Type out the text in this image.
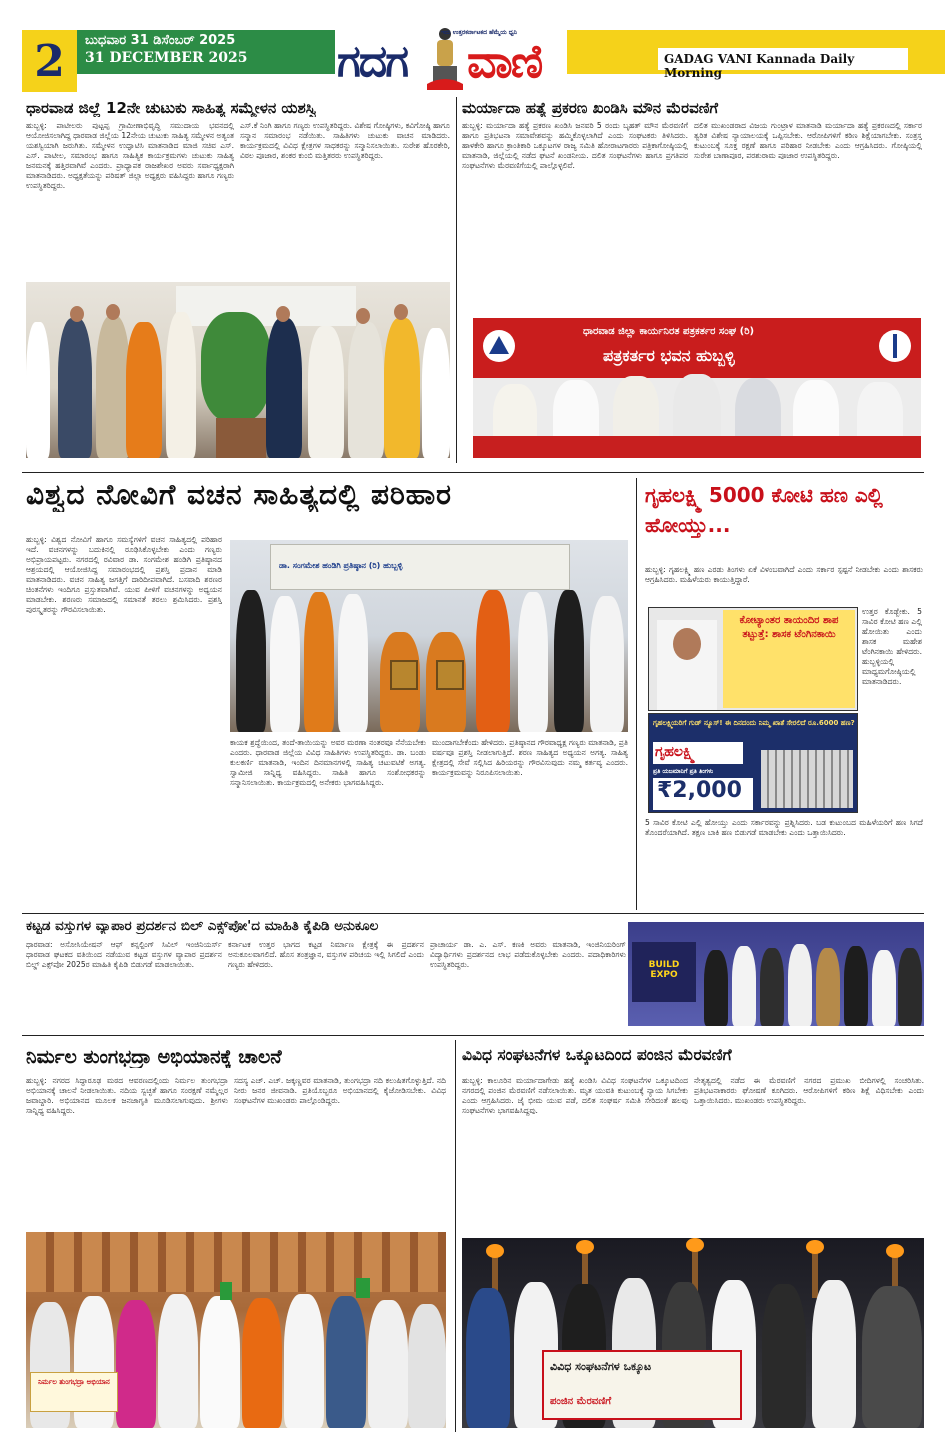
2	ಬುಧವಾರ 31 ಡಿಸೆಂಬರ್ 2025
31 DECEMBER 2025	ಗದಗ
ಇದು ಉತ್ತರಕರ್ನಾಟಕದ ಹೆಮ್ಮೆಯ ಧ್ವನಿ
ವಾಣಿ	GADAG VANI Kannada Daily Morning
ಧಾರವಾಡ ಜಿಲ್ಲೆ 12ನೇ ಚುಟುಕು ಸಾಹಿತ್ಯ ಸಮ್ಮೇಳನ ಯಶಸ್ವಿ
ಹುಬ್ಬಳ್ಳಿ: ಪಾಟೀಲರು ಪುಟ್ಟಪ್ಪ ಗ್ರಾಮೀಣಾಭಿವೃದ್ಧಿ ಸಮುದಾಯ ಭವನದಲ್ಲಿ ಆಯೋಜಿಸಲಾಗಿದ್ದ ಧಾರವಾಡ ಜಿಲ್ಲೆಯ 12ನೇಯ ಚುಟುಕು ಸಾಹಿತ್ಯ ಸಮ್ಮೇಳನ ಅತ್ಯಂತ ಯಶಸ್ವಿಯಾಗಿ ಜರುಗಿತು. ಸಮ್ಮೇಳನ ಉದ್ಘಾಟಿಸಿ ಮಾತನಾಡಿದ ಮಾಜಿ ಸಚಿವ ಎಸ್. ಎಸ್. ಪಾಟೀಲ, ಸಮಾರಂಭ ಹಾಗೂ ಸಾಹಿತ್ಯಿಕ ಕಾರ್ಯಕ್ರಮಗಳು ಚುಟುಕು ಸಾಹಿತ್ಯ ಜನಮನಕ್ಕೆ ಹತ್ತಿರವಾಗಿವೆ ಎಂದರು. ಪ್ರಾಧ್ಯಾಪಕ ರಾಜಶೇಖರ ಅವರು ಸರ್ವಾಧ್ಯಕ್ಷರಾಗಿ ಮಾತನಾಡಿದರು. ಅಧ್ಯಕ್ಷತೆಯನ್ನು ಪರಿಷತ್ ಜಿಲ್ಲಾ ಅಧ್ಯಕ್ಷರು ವಹಿಸಿದ್ದರು ಹಾಗೂ ಗಣ್ಯರು ಉಪಸ್ಥಿತರಿದ್ದರು.
ಎಸ್.ಕೆ ನಿಂಗಿ ಹಾಗೂ ಗಣ್ಯರು ಉಪಸ್ಥಿತರಿದ್ದರು. ವಿಶೇಷ ಗೋಷ್ಠಿಗಳು, ಕವಿಗೋಷ್ಠಿ ಹಾಗೂ ಸನ್ಮಾನ ಸಮಾರಂಭ ನಡೆಯಿತು. ಸಾಹಿತಿಗಳು ಚುಟುಕು ವಾಚನ ಮಾಡಿದರು. ಕಾರ್ಯಕ್ರಮದಲ್ಲಿ ವಿವಿಧ ಕ್ಷೇತ್ರಗಳ ಸಾಧಕರನ್ನು ಸನ್ಮಾನಿಸಲಾಯಿತು. ಸುರೇಶ ಹೊರಕೇರಿ, ವಿಠಲ ಪೂಜಾರ, ಶಂಕರ ಕುಂಬಿ ಮತ್ತಿತರರು ಉಪಸ್ಥಿತರಿದ್ದರು.
ಮರ್ಯಾದಾ ಹತ್ಯೆ ಪ್ರಕರಣ ಖಂಡಿಸಿ ಮೌನ ಮೆರವಣಿಗೆ
ಹುಬ್ಬಳ್ಳಿ: ಮರ್ಯಾದಾ ಹತ್ಯೆ ಪ್ರಕರಣ ಖಂಡಿಸಿ ಜನವರಿ 5 ರಂದು ಬೃಹತ್ ಮೌನ ಮೆರವಣಿಗೆ ಹಾಗೂ ಪ್ರತಿಭಟನಾ ಸಮಾವೇಶವನ್ನು ಹಮ್ಮಿಕೊಳ್ಳಲಾಗಿದೆ ಎಂದು ಸಂಘಟಕರು ತಿಳಿಸಿದರು. ಹಾಳಕೇರಿ ಹಾಗೂ ಕ್ರಾಂತಿಕಾರಿ ಒಕ್ಕೂಟಗಳ ರಾಜ್ಯ ಸಮಿತಿ ಹೋರಾಟಗಾರರು ಪತ್ರಿಕಾಗೋಷ್ಠಿಯಲ್ಲಿ ಮಾತನಾಡಿ, ಜಿಲ್ಲೆಯಲ್ಲಿ ನಡೆದ ಘಟನೆ ಖಂಡನೀಯ. ದಲಿತ ಸಂಘಟನೆಗಳು ಹಾಗೂ ಪ್ರಗತಿಪರ ಸಂಘಟನೆಗಳು ಮೆರವಣಿಗೆಯಲ್ಲಿ ಪಾಲ್ಗೊಳ್ಳಲಿವೆ.
ದಲಿತ ಮುಖಂಡರಾದ ವಿಜಯ ಗುಂಟ್ರಾಳ ಮಾತನಾಡಿ ಮರ್ಯಾದಾ ಹತ್ಯೆ ಪ್ರಕರಣದಲ್ಲಿ ಸರ್ಕಾರ ತ್ವರಿತ ವಿಶೇಷ ನ್ಯಾಯಾಲಯಕ್ಕೆ ಒಪ್ಪಿಸಬೇಕು. ಆರೋಪಿಗಳಿಗೆ ಕಠಿಣ ಶಿಕ್ಷೆಯಾಗಬೇಕು. ಸಂತ್ರಸ್ತ ಕುಟುಂಬಕ್ಕೆ ಸೂಕ್ತ ರಕ್ಷಣೆ ಹಾಗೂ ಪರಿಹಾರ ನೀಡಬೇಕು ಎಂದು ಆಗ್ರಹಿಸಿದರು. ಗೋಷ್ಠಿಯಲ್ಲಿ ಸುರೇಶ ಬಾಣಾಪೂರ, ಪರಶುರಾಮ ಪೂಜಾರ ಉಪಸ್ಥಿತರಿದ್ದರು.
ಧಾರವಾಡ ಜಿಲ್ಲಾ ಕಾರ್ಯನಿರತ ಪತ್ರಕರ್ತರ ಸಂಘ (ರಿ)
ಪತ್ರಕರ್ತರ ಭವನ ಹುಬ್ಬಳ್ಳಿ
ವಿಶ್ವದ ನೋವಿಗೆ ವಚನ ಸಾಹಿತ್ಯದಲ್ಲಿ ಪರಿಹಾರ
ಹುಬ್ಬಳ್ಳಿ: ವಿಶ್ವದ ನೋವಿಗೆ ಹಾಗೂ ಸಮಸ್ಯೆಗಳಿಗೆ ವಚನ ಸಾಹಿತ್ಯದಲ್ಲಿ ಪರಿಹಾರ ಇದೆ. ವಚನಗಳನ್ನು ಬದುಕಿನಲ್ಲಿ ರೂಢಿಸಿಕೊಳ್ಳಬೇಕು ಎಂದು ಗಣ್ಯರು ಅಭಿಪ್ರಾಯಪಟ್ಟರು. ನಗರದಲ್ಲಿ ರವಿವಾರ ಡಾ. ಸಂಗಮೇಶ ಹಂಡಿಗಿ ಪ್ರತಿಷ್ಠಾನದ ಆಶ್ರಯದಲ್ಲಿ ಆಯೋಜಿಸಿದ್ದ ಸಮಾರಂಭದಲ್ಲಿ ಪ್ರಶಸ್ತಿ ಪ್ರದಾನ ಮಾಡಿ ಮಾತನಾಡಿದರು. ವಚನ ಸಾಹಿತ್ಯ ಜಗತ್ತಿಗೆ ದಾರಿದೀಪವಾಗಿದೆ. ಬಸವಾದಿ ಶರಣರ ಚಿಂತನೆಗಳು ಇಂದಿಗೂ ಪ್ರಸ್ತುತವಾಗಿವೆ. ಯುವ ಪೀಳಿಗೆ ವಚನಗಳನ್ನು ಅಧ್ಯಯನ ಮಾಡಬೇಕು. ಶರಣರು ಸಮಾಜದಲ್ಲಿ ಸಮಾನತೆ ತರಲು ಶ್ರಮಿಸಿದರು. ಪ್ರಶಸ್ತಿ ಪುರಸ್ಕೃತರನ್ನು ಗೌರವಿಸಲಾಯಿತು.
ಡಾ. ಸಂಗಮೇಶ ಹಂಡಿಗಿ ಪ್ರತಿಷ್ಠಾನ (ರಿ) ಹುಬ್ಬಳ್ಳಿ
ಕಾಯಕ ಶ್ರದ್ಧೆಯಿಂದ, ತಂದೆ-ತಾಯಿಯನ್ನು ಅವರ ಮರಣಾ ನಂತರವೂ ನೆನೆಯಬೇಕು ಎಂದರು. ಧಾರವಾಡ ಜಿಲ್ಲೆಯ ವಿವಿಧ ಸಾಹಿತಿಗಳು ಉಪಸ್ಥಿತರಿದ್ದರು. ಡಾ. ಬಂಡು ಕುಲಕರ್ಣಿ ಮಾತನಾಡಿ, ಇಂದಿನ ದಿನಮಾನಗಳಲ್ಲಿ ಸಾಹಿತ್ಯ ಚಟುವಟಿಕೆ ಅಗತ್ಯ. ಸ್ವಾಮೀಜಿ ಸಾನ್ನಿಧ್ಯ ವಹಿಸಿದ್ದರು. ಸಾಹಿತಿ ಹಾಗೂ ಸಂಶೋಧಕರನ್ನು ಸನ್ಮಾನಿಸಲಾಯಿತು. ಕಾರ್ಯಕ್ರಮದಲ್ಲಿ ಅನೇಕರು ಭಾಗವಹಿಸಿದ್ದರು.
ಮುಂದಾಗಬೇಕೆಂದು ಹೇಳಿದರು. ಪ್ರತಿಷ್ಠಾನದ ಗೌರವಾಧ್ಯಕ್ಷ ಗಣ್ಯರು ಮಾತನಾಡಿ, ಪ್ರತಿ ವರ್ಷವೂ ಪ್ರಶಸ್ತಿ ನೀಡಲಾಗುತ್ತಿದೆ. ಶರಣ ಸಾಹಿತ್ಯದ ಅಧ್ಯಯನ ಅಗತ್ಯ. ಸಾಹಿತ್ಯ ಕ್ಷೇತ್ರದಲ್ಲಿ ಸೇವೆ ಸಲ್ಲಿಸಿದ ಹಿರಿಯರನ್ನು ಗೌರವಿಸುವುದು ನಮ್ಮ ಕರ್ತವ್ಯ ಎಂದರು. ಕಾರ್ಯಕ್ರಮವನ್ನು ನಿರೂಪಿಸಲಾಯಿತು.
ಗೃಹಲಕ್ಷ್ಮಿ 5000 ಕೋಟಿ ಹಣ ಎಲ್ಲಿ ಹೋಯ್ತು...
ಹುಬ್ಬಳ್ಳಿ: ಗೃಹಲಕ್ಷ್ಮಿ ಹಣ ಎರಡು ತಿಂಗಳು ಏಕೆ ವಿಳಂಬವಾಗಿದೆ ಎಂದು ಸರ್ಕಾರ ಸ್ಪಷ್ಟನೆ ನೀಡಬೇಕು ಎಂದು ಶಾಸಕರು ಆಗ್ರಹಿಸಿದರು. ಮಹಿಳೆಯರು ಕಾಯುತ್ತಿದ್ದಾರೆ.
ಕೋಟ್ಯಾಂತರ ತಾಯಂದಿರ ಶಾಪ ತಟ್ಟುತ್ತೆ: ಶಾಸಕ ಟೆಂಗಿನಕಾಯಿ
ಉತ್ತರ ಕೊಡ್ಬೇಕು. 5 ಸಾವಿರ ಕೋಟಿ ಹಣ ಎಲ್ಲಿ ಹೋಯಿತು ಎಂದು ಶಾಸಕ ಮಹೇಶ ಟೆಂಗಿನಕಾಯಿ ಹೇಳಿದರು. ಹುಬ್ಬಳ್ಳಿಯಲ್ಲಿ ಮಾಧ್ಯಮಗೋಷ್ಠಿಯಲ್ಲಿ ಮಾತನಾಡಿದರು.
ಗೃಹಲಕ್ಷ್ಮಿಯರಿಗೆ ಗುಡ್ ನ್ಯೂಸ್! ಈ ದಿನದಂದು ನಿಮ್ಮ ಖಾತೆ ಸೇರಲಿದೆ ರೂ.6000 ಹಣ?
ಗೃಹಲಕ್ಷ್ಮಿ
ಪ್ರತಿ ಯಜಮಾನಿಗೆ ಪ್ರತಿ ತಿಂಗಳು
₹2,000
5 ಸಾವಿರ ಕೋಟಿ ಎಲ್ಲಿ ಹೋಯ್ತು ಎಂದು ಸರ್ಕಾರವನ್ನು ಪ್ರಶ್ನಿಸಿದರು. ಬಡ ಕುಟುಂಬದ ಮಹಿಳೆಯರಿಗೆ ಹಣ ಸಿಗದೆ ತೊಂದರೆಯಾಗಿದೆ. ತಕ್ಷಣ ಬಾಕಿ ಹಣ ಬಿಡುಗಡೆ ಮಾಡಬೇಕು ಎಂದು ಒತ್ತಾಯಿಸಿದರು.
ಕಟ್ಟಡ ವಸ್ತುಗಳ ವ್ಯಾಪಾರ ಪ್ರದರ್ಶನ ಬಿಲ್ ಎಕ್ಸ್‌ಪೋ'ದ ಮಾಹಿತಿ ಕೈಪಿಡಿ ಅನುಕೂಲ
ಧಾರವಾಡ: ಅಸೋಸಿಯೇಷನ್ ಆಫ್ ಕನ್ಸಲ್ಟಿಂಗ್ ಸಿವಿಲ್ ಇಂಜಿನಿಯರ್ಸ್ ಧಾರವಾಡ ಘಟಕದ ವತಿಯಿಂದ ನಡೆಯುವ ಕಟ್ಟಡ ವಸ್ತುಗಳ ವ್ಯಾಪಾರ ಪ್ರದರ್ಶನ ಬಿಲ್ಡ್ ಎಕ್ಸ್‌ಪೋ 2025ರ ಮಾಹಿತಿ ಕೈಪಿಡಿ ಬಿಡುಗಡೆ ಮಾಡಲಾಯಿತು.
ಕರ್ನಾಟಕ ಉತ್ತರ ಭಾಗದ ಕಟ್ಟಡ ನಿರ್ಮಾಣ ಕ್ಷೇತ್ರಕ್ಕೆ ಈ ಪ್ರದರ್ಶನ ಅನುಕೂಲವಾಗಲಿದೆ. ಹೊಸ ತಂತ್ರಜ್ಞಾನ, ವಸ್ತುಗಳ ಪರಿಚಯ ಇಲ್ಲಿ ಸಿಗಲಿದೆ ಎಂದು ಗಣ್ಯರು ಹೇಳಿದರು.
ಪ್ರಾಚಾರ್ಯ ಡಾ. ಎ. ಎಸ್. ಕಣಕಿ ಅವರು ಮಾತನಾಡಿ, ಇಂಜಿನಿಯರಿಂಗ್ ವಿದ್ಯಾರ್ಥಿಗಳು ಪ್ರದರ್ಶನದ ಲಾಭ ಪಡೆದುಕೊಳ್ಳಬೇಕು ಎಂದರು. ಪದಾಧಿಕಾರಿಗಳು ಉಪಸ್ಥಿತರಿದ್ದರು.	BUILD EXPO
ನಿರ್ಮಲ ತುಂಗಭದ್ರಾ ಅಭಿಯಾನಕ್ಕೆ ಚಾಲನೆ
ಹುಬ್ಬಳ್ಳಿ: ನಗರದ ಸಿದ್ಧಾರೂಢ ಮಠದ ಆವರಣದಲ್ಲಿಂದು ನಿರ್ಮಲ ತುಂಗಭದ್ರಾ ಅಭಿಯಾನಕ್ಕೆ ಚಾಲನೆ ನೀಡಲಾಯಿತು. ನದಿಯ ಸ್ವಚ್ಛತೆ ಹಾಗೂ ಸಂರಕ್ಷಣೆ ನಮ್ಮೆಲ್ಲರ ಜವಾಬ್ದಾರಿ. ಅಭಿಯಾನದ ಮೂಲಕ ಜನಜಾಗೃತಿ ಮೂಡಿಸಲಾಗುವುದು. ಶ್ರೀಗಳು ಸಾನ್ನಿಧ್ಯ ವಹಿಸಿದ್ದರು.
ಸದಸ್ಯ ಎಚ್. ಎಚ್. ಜಕ್ಕಣ್ಣವರ ಮಾತನಾಡಿ, ತುಂಗಭದ್ರಾ ನದಿ ಕಲುಷಿತಗೊಳ್ಳುತ್ತಿದೆ. ನದಿ ನೀರು ಜನರ ಜೀವನಾಡಿ. ಪ್ರತಿಯೊಬ್ಬರೂ ಅಭಿಯಾನದಲ್ಲಿ ಕೈಜೋಡಿಸಬೇಕು. ವಿವಿಧ ಸಂಘಟನೆಗಳ ಮುಖಂಡರು ಪಾಲ್ಗೊಂಡಿದ್ದರು.
ನಿರ್ಮಲ ತುಂಗಭದ್ರಾ ಅಭಿಯಾನ
ವಿವಿಧ ಸಂಘಟನೆಗಳ ಒಕ್ಕೂಟದಿಂದ ಪಂಜಿನ ಮೆರವಣಿಗೆ
ಹುಬ್ಬಳ್ಳಿ: ಕಾಲೂರಿನ ಮರ್ಯಾದಾಗೇಡು ಹತ್ಯೆ ಖಂಡಿಸಿ ವಿವಿಧ ಸಂಘಟನೆಗಳ ಒಕ್ಕೂಟದಿಂದ ನಗರದಲ್ಲಿ ಪಂಜಿನ ಮೆರವಣಿಗೆ ನಡೆಸಲಾಯಿತು. ಮೃತ ಯುವತಿ ಕುಟುಂಬಕ್ಕೆ ನ್ಯಾಯ ಸಿಗಬೇಕು ಎಂದು ಆಗ್ರಹಿಸಿದರು. ಜೈ ಭೀಮ ಯುವ ಪಡೆ, ದಲಿತ ಸಂಘರ್ಷ ಸಮಿತಿ ಸೇರಿದಂತೆ ಹಲವು ಸಂಘಟನೆಗಳು ಭಾಗವಹಿಸಿದ್ದವು.
ನೇತೃತ್ವದಲ್ಲಿ ನಡೆದ ಈ ಮೆರವಣಿಗೆ ನಗರದ ಪ್ರಮುಖ ಬೀದಿಗಳಲ್ಲಿ ಸಂಚರಿಸಿತು. ಪ್ರತಿಭಟನಾಕಾರರು ಘೋಷಣೆ ಕೂಗಿದರು. ಆರೋಪಿಗಳಿಗೆ ಕಠಿಣ ಶಿಕ್ಷೆ ವಿಧಿಸಬೇಕು ಎಂದು ಒತ್ತಾಯಿಸಿದರು. ಮುಖಂಡರು ಉಪಸ್ಥಿತರಿದ್ದರು.
ವಿವಿಧ ಸಂಘಟನೆಗಳ ಒಕ್ಕೂಟ
ಪಂಜಿನ ಮೆರವಣಿಗೆ
